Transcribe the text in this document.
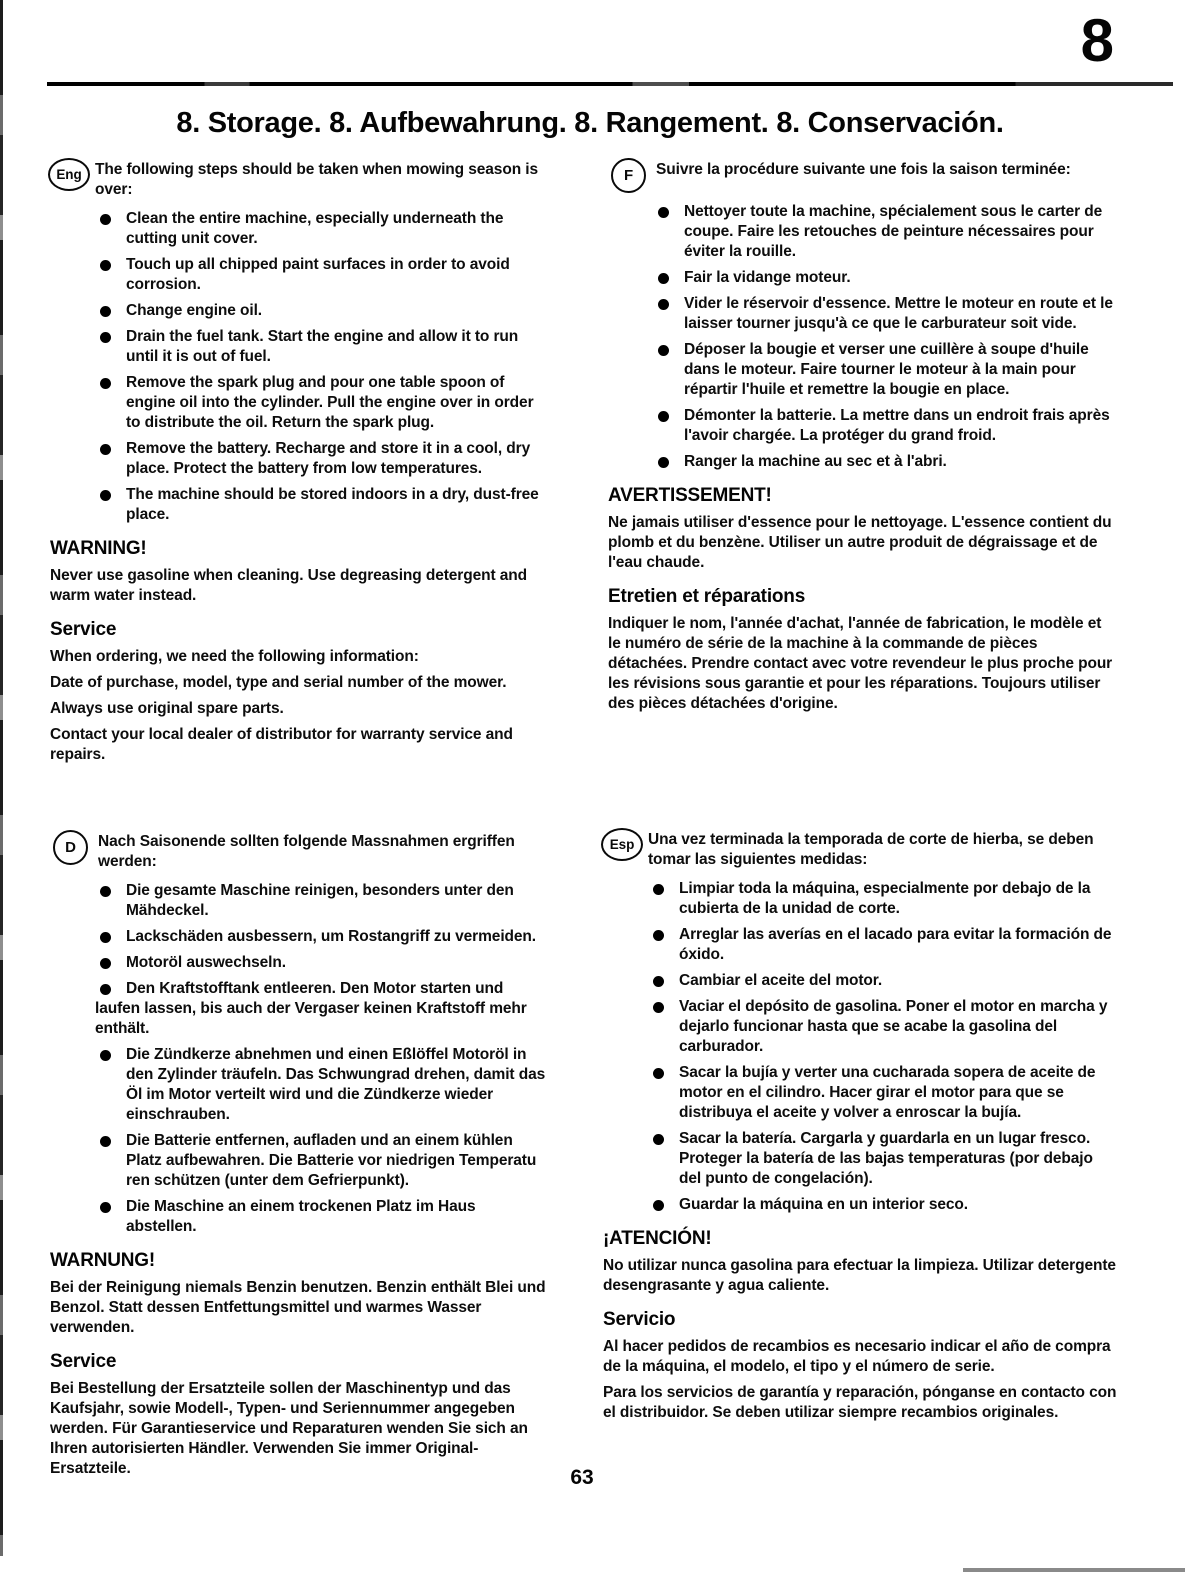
8
8. Storage. 8. Aufbewahrung. 8. Rangement. 8. Conservación.
Eng The following steps should be taken when mowing season is over:

Clean the entire machine, especially underneath the cutting unit cover.
Touch up all chipped paint surfaces in order to avoid corrosion.
Change engine oil.
Drain the fuel tank. Start the engine and allow it to run until it is out of fuel.
Remove the spark plug and pour one table spoon of engine oil into the cylinder. Pull the engine over in order to distribute the oil. Return the spark plug.
Remove the battery. Recharge and store it in a cool, dry place. Protect the battery from low temperatures.
The machine should be stored indoors in a dry, dust-free place.
WARNING!

Never use gasoline when cleaning. Use degreasing detergent and warm water instead.

Service

When ordering, we need the following information:

Date of purchase, model, type and serial number of the mower.

Always use original spare parts.

Contact your local dealer of distributor for warranty service and repairs.

F	Suivre la procédure suivante une fois la saison terminée:

Nettoyer toute la machine, spécialement sous le carter de coupe. Faire les retouches de peinture nécessaires pour éviter la rouille.
Fair la vidange moteur.
Vider le réservoir d'essence. Mettre le moteur en route et le laisser tourner jusqu'à ce que le carburateur soit vide.
Déposer la bougie et verser une cuillère à soupe d'huile dans le moteur. Faire tourner le moteur à la main pour répartir l'huile et remettre la bougie en place.
Démonter la batterie. La mettre dans un endroit frais après l'avoir chargée. La protéger du grand froid.
Ranger la machine au sec et à l'abri.
AVERTISSEMENT!

Ne jamais utiliser d'essence pour le nettoyage. L'essence contient du plomb et du benzène. Utiliser un autre produit de dégraissage et de l'eau chaude.

Etretien et réparations

Indiquer le nom, l'année d'achat, l'année de fabrication, le modèle et le numéro de série de la machine à la commande de pièces détachées. Prendre contact avec votre revendeur le plus proche pour les révisions sous garantie et pour les réparations. Toujours utiliser des pièces détachées d'origine.

D	Nach Saisonende sollten folgende Massnahmen ergriffen werden:

Die gesamte Maschine reinigen, besonders unter den Mähdeckel.
Lackschäden ausbessern, um Rostangriff zu vermeiden.
Motoröl auswechseln.
Den Kraftstofftank entleeren. Den Motor starten und laufen lassen, bis auch der Vergaser keinen Kraftstoff mehr enthält.
Die Zündkerze abnehmen und einen Eßlöffel Motoröl in den Zylinder träufeln. Das Schwungrad drehen, damit das Öl im Motor verteilt wird und die Zündkerze wieder einschrauben.
Die Batterie entfernen, aufladen und an einem kühlen Platz aufbewahren. Die Batterie vor niedrigen Temperatu ren schützen (unter dem Gefrierpunkt).
Die Maschine an einem trockenen Platz im Haus abstellen.
WARNUNG!

Bei der Reinigung niemals Benzin benutzen. Benzin enthält Blei und Benzol. Statt dessen Entfettungsmittel und warmes Wasser verwenden.

Service

Bei Bestellung der Ersatzteile sollen der Maschinentyp und das Kaufsjahr, sowie Modell-, Typen- und Seriennummer angegeben werden. Für Garantieservice und Reparaturen wenden Sie sich an Ihren autorisierten Händler. Verwenden Sie immer Original-Ersatzteile.

Esp Una vez terminada la temporada de corte de hierba, se deben tomar las siguientes medidas:

Limpiar toda la máquina, especialmente por debajo de la cubierta de la unidad de corte.
Arreglar las averías en el lacado para evitar la formación de óxido.
Cambiar el aceite del motor.
Vaciar el depósito de gasolina. Poner el motor en marcha y dejarlo funcionar hasta que se acabe la gasolina del carburador.
Sacar la bujía y verter una cucharada sopera de aceite de motor en el cilindro. Hacer girar el motor para que se distribuya el aceite y volver a enroscar la bujía.
Sacar la batería. Cargarla y guardarla en un lugar fresco. Proteger la batería de las bajas temperaturas (por debajo del punto de congelación).
Guardar la máquina en un interior seco.
¡ATENCIÓN!

No utilizar nunca gasolina para efectuar la limpieza. Utilizar detergente desengrasante y agua caliente.

Servicio

Al hacer pedidos de recambios es necesario indicar el año de compra de la máquina, el modelo, el tipo y el número de serie.

Para los servicios de garantía y reparación, pónganse en contacto con el distribuidor. Se deben utilizar siempre recambios originales.

63
